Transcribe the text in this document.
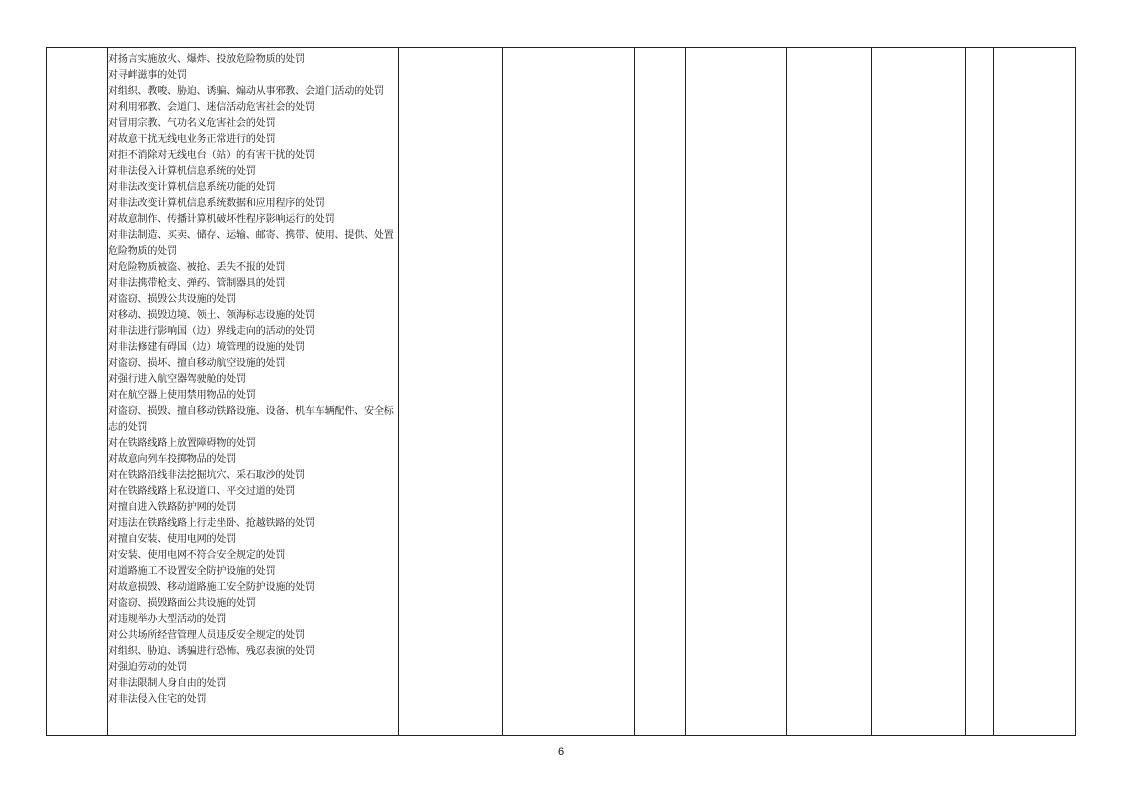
对扬言实施放火、爆炸、投放危险物质的处罚
对寻衅滋事的处罚
对组织、教唆、胁迫、诱骗、煽动从事邪教、会道门活动的处罚
对利用邪教、会道门、迷信活动危害社会的处罚
对冒用宗教、气功名义危害社会的处罚
对故意干扰无线电业务正常进行的处罚
对拒不消除对无线电台（站）的有害干扰的处罚
对非法侵入计算机信息系统的处罚
对非法改变计算机信息系统功能的处罚
对非法改变计算机信息系统数据和应用程序的处罚
对故意制作、传播计算机破坏性程序影响运行的处罚
对非法制造、买卖、储存、运输、邮寄、携带、使用、提供、处置危险物质的处罚
对危险物质被盗、被抢、丢失不报的处罚
对非法携带枪支、弹药、管制器具的处罚
对盗窃、损毁公共设施的处罚
对移动、损毁边境、领土、领海标志设施的处罚
对非法进行影响国（边）界线走向的活动的处罚
对非法修建有碍国（边）境管理的设施的处罚
对盗窃、损坏、擅自移动航空设施的处罚
对强行进入航空器驾驶舱的处罚
对在航空器上使用禁用物品的处罚
对盗窃、损毁、擅自移动铁路设施、设备、机车车辆配件、安全标志的处罚
对在铁路线路上放置障碍物的处罚
对故意向列车投掷物品的处罚
对在铁路沿线非法挖掘坑穴、采石取沙的处罚
对在铁路线路上私设道口、平交过道的处罚
对擅自进入铁路防护网的处罚
对违法在铁路线路上行走坐卧、抢越铁路的处罚
对擅自安装、使用电网的处罚
对安装、使用电网不符合安全规定的处罚
对道路施工不设置安全防护设施的处罚
对故意损毁、移动道路施工安全防护设施的处罚
对盗窃、损毁路面公共设施的处罚
对违规举办大型活动的处罚
对公共场所经营管理人员违反安全规定的处罚
对组织、胁迫、诱骗进行恐怖、残忍表演的处罚
对强迫劳动的处罚
对非法限制人身自由的处罚
对非法侵入住宅的处罚
6
